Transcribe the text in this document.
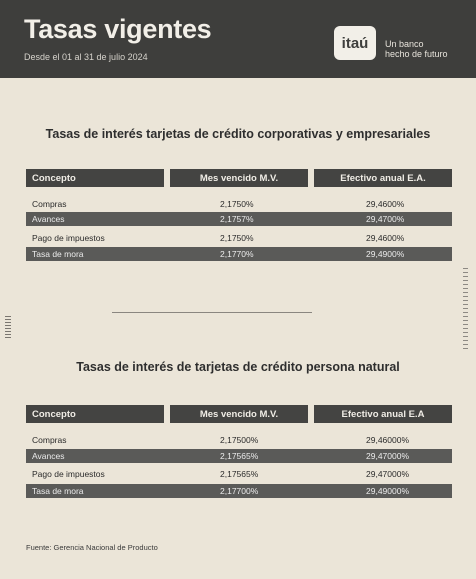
Tasas vigentes
Desde el 01 al 31 de julio 2024
itaú Un banco
hecho de futuro
Tasas de interés tarjetas de crédito corporativas y empresariales
Concepto	Mes vencido M.V.	Efectivo anual E.A.
Compras	2,1750%	29,4600%
Avances	2,1757%	29,4700%
Pago de impuestos	2,1750%	29,4600%
Tasa de mora	2,1770%	29,4900%
Tasas de interés de tarjetas de crédito persona natural
Concepto	Mes vencido M.V.	Efectivo anual E.A
Compras	2,17500%	29,46000%
Avances	2,17565%	29,47000%
Pago de impuestos	2,17565%	29,47000%
Tasa de mora	2,17700%	29,49000%
Fuente: Gerencia Nacional de Producto
